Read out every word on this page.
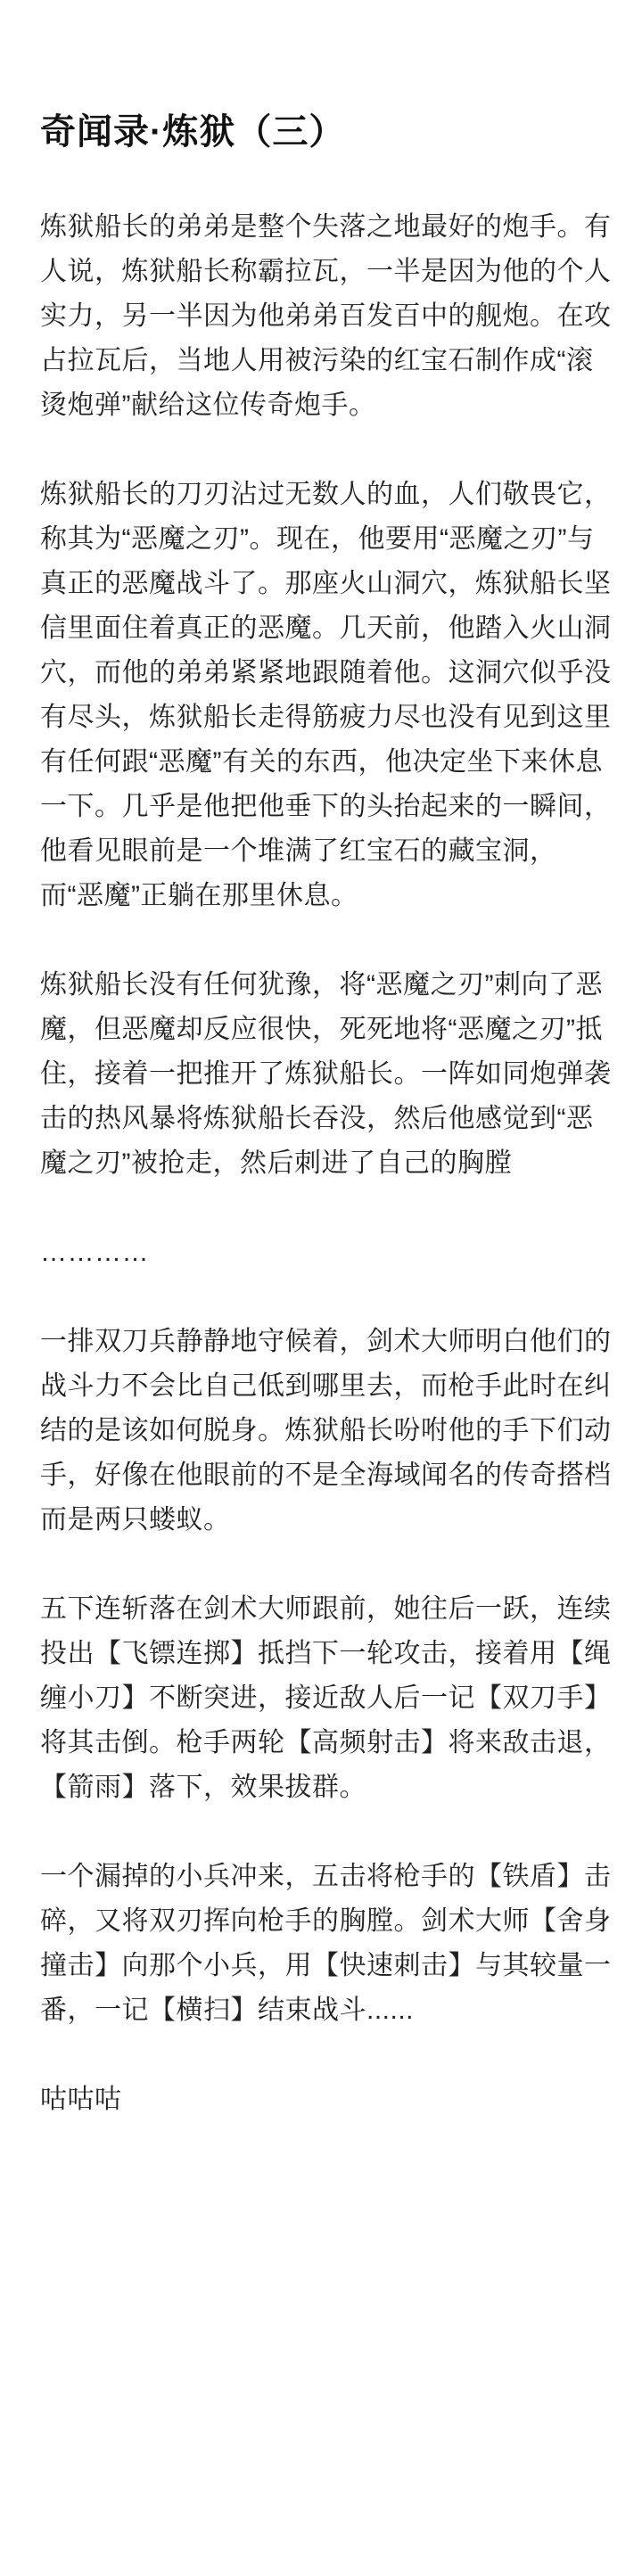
奇闻录·炼狱（三）

炼狱船长的弟弟是整个失落之地最好的炮手。有人说，炼狱船长称霸拉瓦，一半是因为他的个人实力，另一半因为他弟弟百发百中的舰炮。在攻占拉瓦后，当地人用被污染的红宝石制作成“滚烫炮弹”献给这位传奇炮手。

炼狱船长的刀刃沾过无数人的血，人们敬畏它，称其为“恶魔之刃”。现在，他要用“恶魔之刃”与真正的恶魔战斗了。那座火山洞穴，炼狱船长坚信里面住着真正的恶魔。几天前，他踏入火山洞穴，而他的弟弟紧紧地跟随着他。这洞穴似乎没有尽头，炼狱船长走得筋疲力尽也没有见到这里有任何跟“恶魔”有关的东西，他决定坐下来休息一下。几乎是他把他垂下的头抬起来的一瞬间，他看见眼前是一个堆满了红宝石的藏宝洞，而“恶魔”正躺在那里休息。

炼狱船长没有任何犹豫，将“恶魔之刃”刺向了恶魔，但恶魔却反应很快，死死地将“恶魔之刃”抵住，接着一把推开了炼狱船长。一阵如同炮弹袭击的热风暴将炼狱船长吞没，然后他感觉到“恶魔之刃”被抢走，然后刺进了自己的胸膛

…………

一排双刀兵静静地守候着，剑术大师明白他们的战斗力不会比自己低到哪里去，而枪手此时在纠结的是该如何脱身。炼狱船长吩咐他的手下们动手，好像在他眼前的不是全海域闻名的传奇搭档而是两只蝼蚁。

五下连斩落在剑术大师跟前，她往后一跃，连续投出【飞镖连掷】抵挡下一轮攻击，接着用【绳缠小刀】不断突进，接近敌人后一记【双刀手】将其击倒。枪手两轮【高频射击】将来敌击退，【箭雨】落下，效果拔群。

一个漏掉的小兵冲来，五击将枪手的【铁盾】击碎，又将双刃挥向枪手的胸膛。剑术大师【舍身撞击】向那个小兵，用【快速刺击】与其较量一番，一记【横扫】结束战斗......

咕咕咕
